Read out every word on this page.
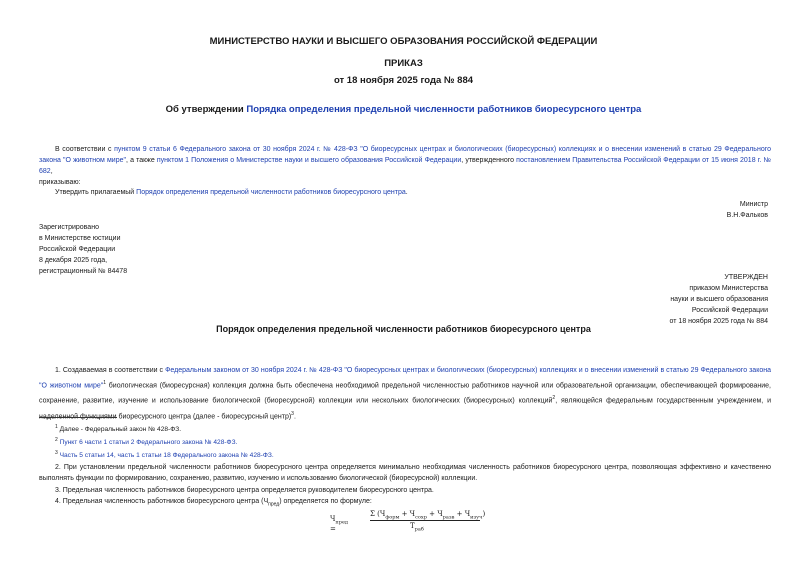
МИНИСТЕРСТВО НАУКИ И ВЫСШЕГО ОБРАЗОВАНИЯ РОССИЙСКОЙ ФЕДЕРАЦИИ
ПРИКАЗ
от 18 ноября 2025 года № 884
Об утверждении Порядка определения предельной численности работников биоресурсного центра
В соответствии с пунктом 9 статьи 6 Федерального закона от 30 ноября 2024 г. № 428-ФЗ "О биоресурсных центрах и биологических (биоресурсных) коллекциях и о внесении изменений в статью 29 Федерального закона "О животном мире", а также пунктом 1 Положения о Министерстве науки и высшего образования Российской Федерации, утвержденного постановлением Правительства Российской Федерации от 15 июня 2018 г. № 682,
приказываю:
Утвердить прилагаемый Порядок определения предельной численности работников биоресурсного центра.
Министр
В.Н.Фальков
Зарегистрировано
в Министерстве юстиции
Российской Федерации
8 декабря 2025 года,
регистрационный № 84478
УТВЕРЖДЕН
приказом Министерства
науки и высшего образования
Российской Федерации
от 18 ноября 2025 года № 884
Порядок определения предельной численности работников биоресурсного центра
1. Создаваемая в соответствии с Федеральным законом от 30 ноября 2024 г. № 428-ФЗ "О биоресурсных центрах и биологических (биоресурсных) коллекциях и о внесении изменений в статью 29 Федерального закона "О животном мире"$^1$ биологическая (биоресурсная) коллекция должна быть обеспечена необходимой предельной численностью работников научной или образовательной организации, обеспечивающей формирование, сохранение, развитие, изучение и использование биологической (биоресурсной) коллекции или нескольких биологических (биоресурсных) коллекций$^2$, являющейся федеральным государственным учреждением, и наделенной функциями биоресурсного центра (далее - биоресурсный центр)$^3$.
$^1$ Далее - Федеральный закон № 428-ФЗ.
$^2$ Пункт 6 части 1 статьи 2 Федерального закона № 428-ФЗ.
$^3$ Часть 5 статьи 14, часть 1 статьи 18 Федерального закона № 428-ФЗ.
2. При установлении предельной численности работников биоресурсного центра определяется минимально необходимая численность работников биоресурсного центра, позволяющая эффективно и качественно выполнять функции по формированию, сохранению, развитию, изучению и использованию биологической (биоресурсной) коллекции.
3. Предельная численность работников биоресурсного центра определяется руководителем биоресурсного центра.
4. Предельная численность работников биоресурсного центра $(Ч_{пред})$ определяется по формуле:
$Ч_{пред}$ =
Σ $(Ч_{форм} + Ч_{сохр} + Ч_{разв} + Ч_{изуч})$
$T_{раб}$
